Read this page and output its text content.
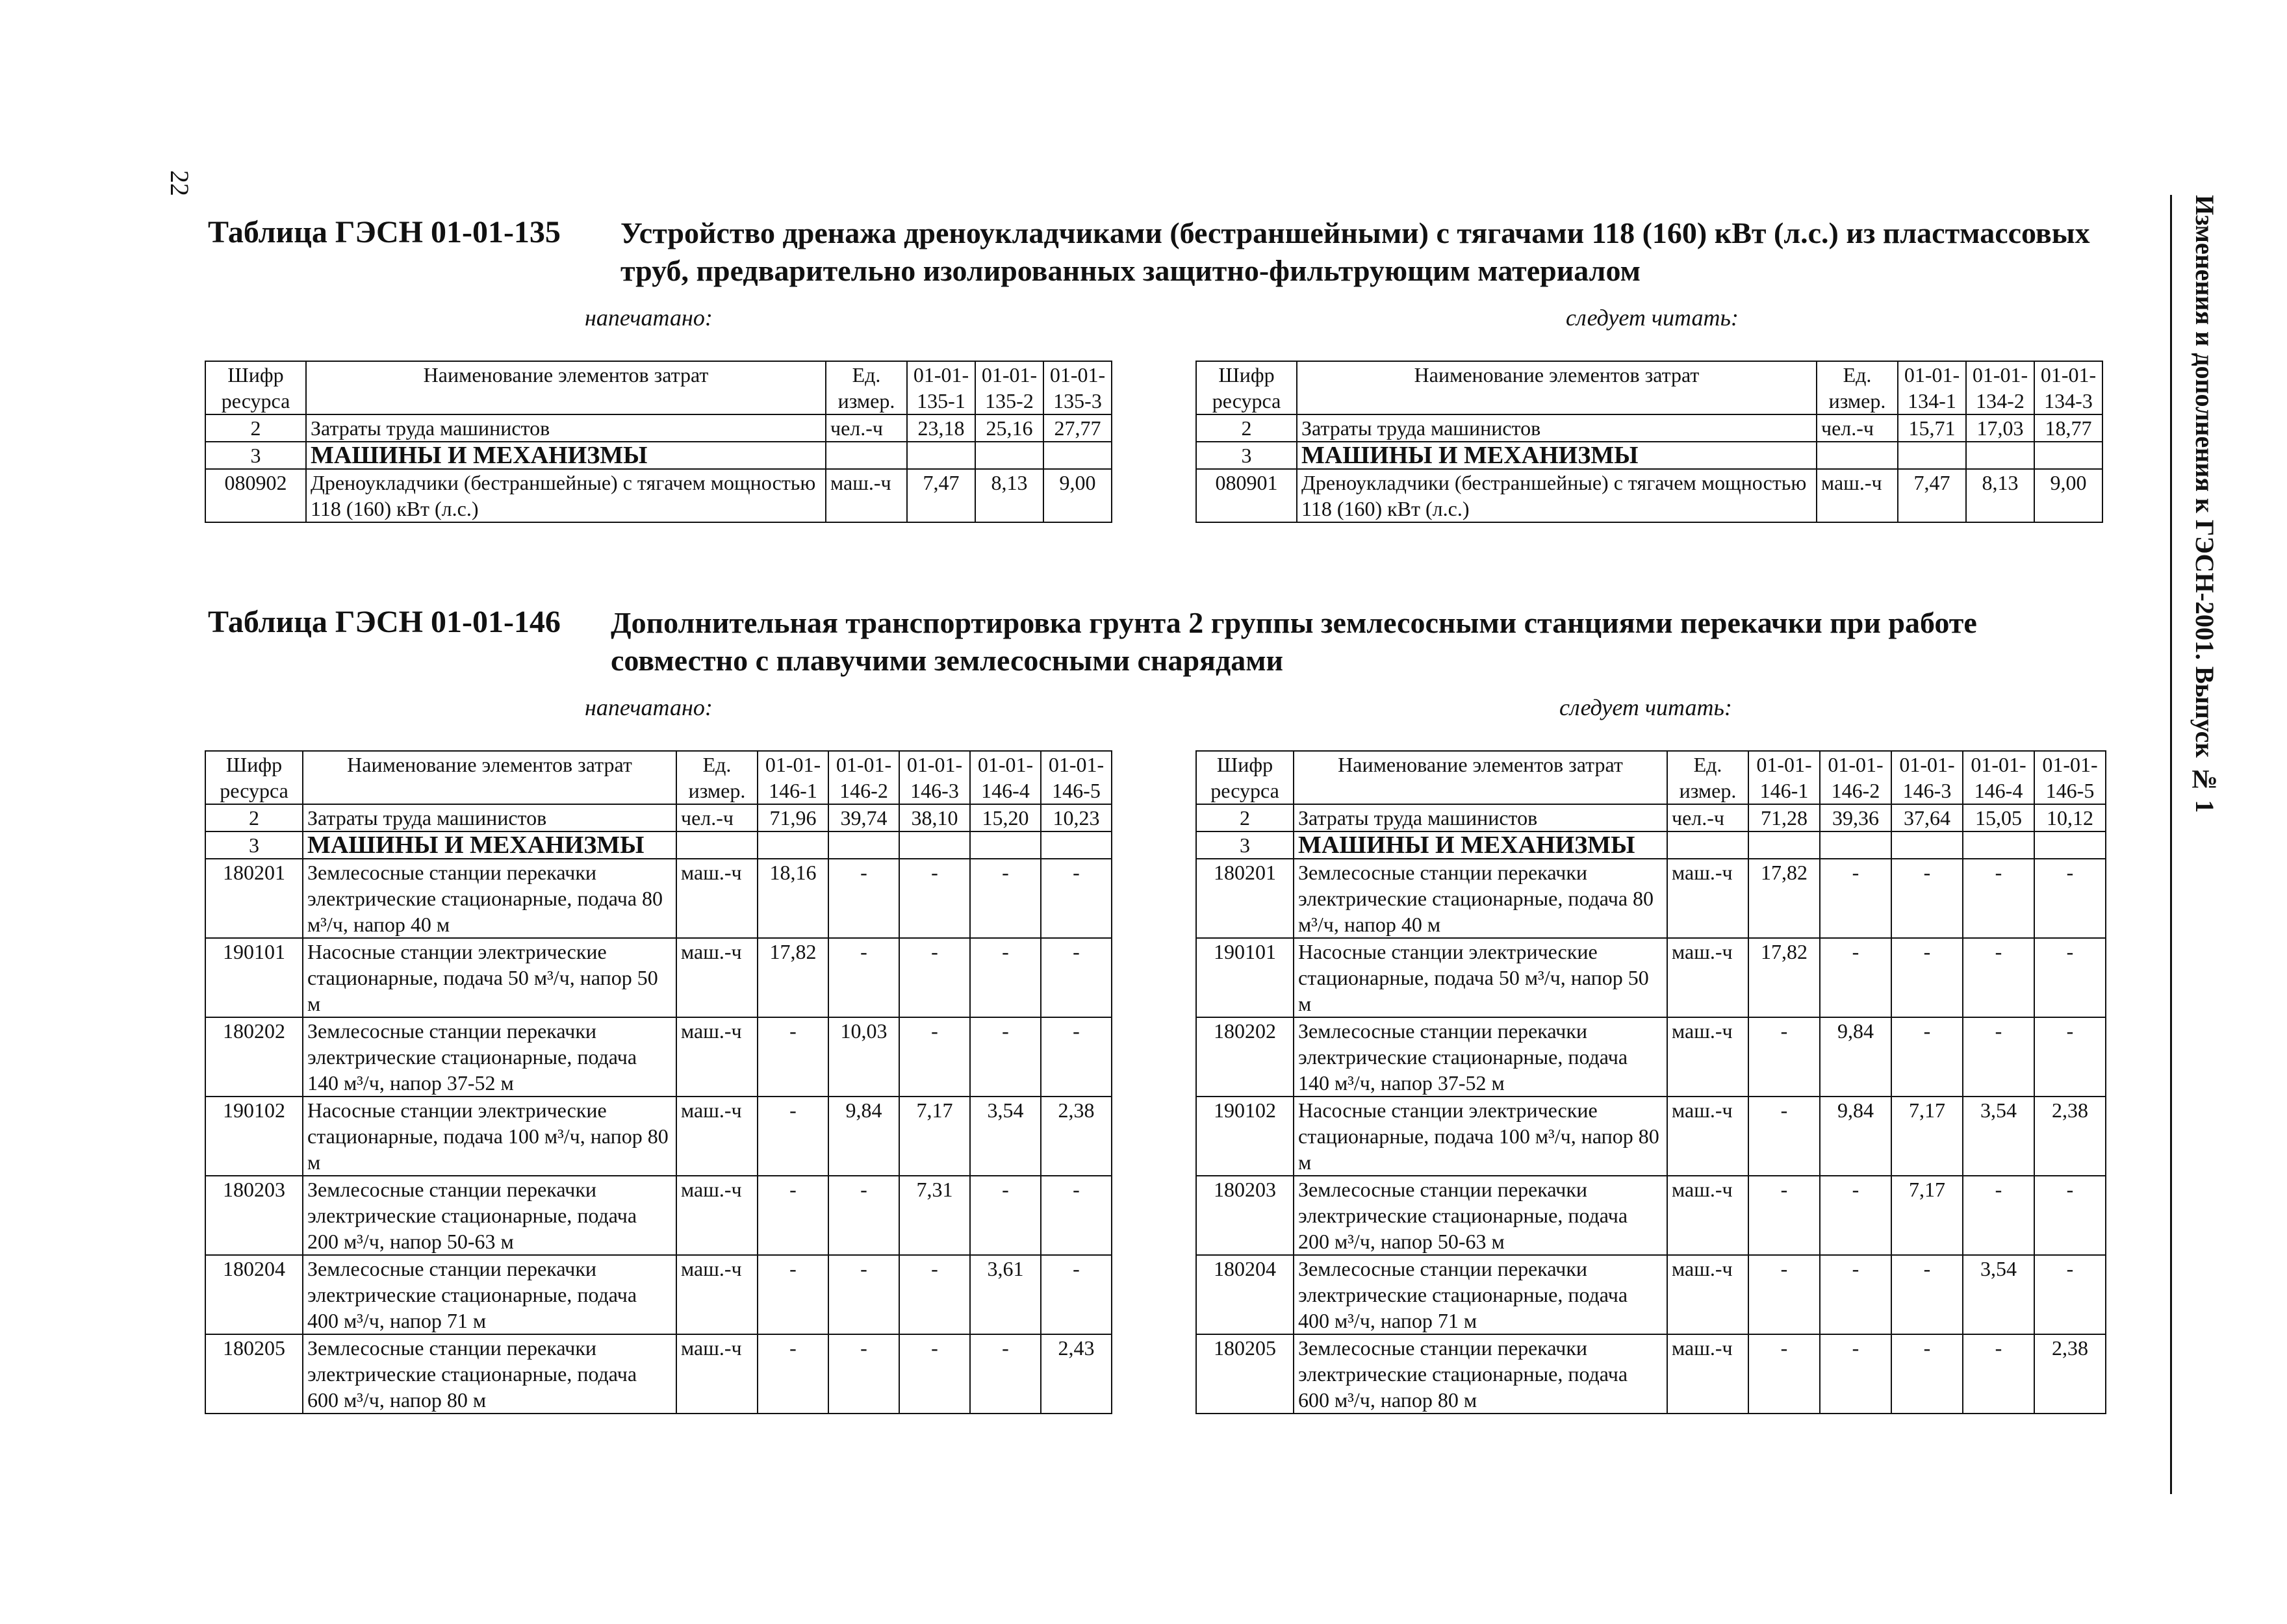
22
Изменения и дополнения к ГЭСН-2001. Выпуск № 1
Таблица ГЭСН 01-01-135 Устройство дренажа дреноукладчиками (бестраншейными) с тягачами 118 (160) кВт (л.с.) из пластмассовых труб, предварительно изолированных защитно-фильтрующим материалом
напечатано:	следует читать:
Шифр ресурса	Наименование элементов затрат	Ед. измер.	01-01-135-1	01-01-135-2	01-01-135-3
2	Затраты труда машинистов	чел.-ч	23,18	25,16	27,77
3	МАШИНЫ И МЕХАНИЗМЫ				
080902	Дреноукладчики (бестраншейные) с тягачем мощностью 118 (160) кВт (л.с.)	маш.-ч	7,47	8,13	9,00
Шифр ресурса	Наименование элементов затрат	Ед. измер.	01-01-134-1	01-01-134-2	01-01-134-3
2	Затраты труда машинистов	чел.-ч	15,71	17,03	18,77
3	МАШИНЫ И МЕХАНИЗМЫ				
080901	Дреноукладчики (бестраншейные) с тягачем мощностью 118 (160) кВт (л.с.)	маш.-ч	7,47	8,13	9,00
Таблица ГЭСН 01-01-146 Дополнительная транспортировка грунта 2 группы землесосными станциями перекачки при работе совместно с плавучими землесосными снарядами
напечатано:	следует читать:
Шифр ресурса	Наименование элементов затрат	Ед. измер.	01-01-146-1	01-01-146-2	01-01-146-3	01-01-146-4	01-01-146-5
2	Затраты труда машинистов	чел.-ч	71,96	39,74	38,10	15,20	10,23
3	МАШИНЫ И МЕХАНИЗМЫ						
180201	Землесосные станции перекачки электрические стационарные, подача 80 м³/ч, напор 40 м	маш.-ч	18,16	-	-	-	-
190101	Насосные станции электрические стационарные, подача 50 м³/ч, напор 50 м	маш.-ч	17,82	-	-	-	-
180202	Землесосные станции перекачки электрические стационарные, подача 140 м³/ч, напор 37-52 м	маш.-ч	-	10,03	-	-	-
190102	Насосные станции электрические стационарные, подача 100 м³/ч, напор 80 м	маш.-ч	-	9,84	7,17	3,54	2,38
180203	Землесосные станции перекачки электрические стационарные, подача 200 м³/ч, напор 50-63 м	маш.-ч	-	-	7,31	-	-
180204	Землесосные станции перекачки электрические стационарные, подача 400 м³/ч, напор 71 м	маш.-ч	-	-	-	3,61	-
180205	Землесосные станции перекачки электрические стационарные, подача 600 м³/ч, напор 80 м	маш.-ч	-	-	-	-	2,43
Шифр ресурса	Наименование элементов затрат	Ед. измер.	01-01-146-1	01-01-146-2	01-01-146-3	01-01-146-4	01-01-146-5
2	Затраты труда машинистов	чел.-ч	71,28	39,36	37,64	15,05	10,12
3	МАШИНЫ И МЕХАНИЗМЫ						
180201	Землесосные станции перекачки электрические стационарные, подача 80 м³/ч, напор 40 м	маш.-ч	17,82	-	-	-	-
190101	Насосные станции электрические стационарные, подача 50 м³/ч, напор 50 м	маш.-ч	17,82	-	-	-	-
180202	Землесосные станции перекачки электрические стационарные, подача 140 м³/ч, напор 37-52 м	маш.-ч	-	9,84	-	-	-
190102	Насосные станции электрические стационарные, подача 100 м³/ч, напор 80 м	маш.-ч	-	9,84	7,17	3,54	2,38
180203	Землесосные станции перекачки электрические стационарные, подача 200 м³/ч, напор 50-63 м	маш.-ч	-	-	7,17	-	-
180204	Землесосные станции перекачки электрические стационарные, подача 400 м³/ч, напор 71 м	маш.-ч	-	-	-	3,54	-
180205	Землесосные станции перекачки электрические стационарные, подача 600 м³/ч, напор 80 м	маш.-ч	-	-	-	-	2,38
